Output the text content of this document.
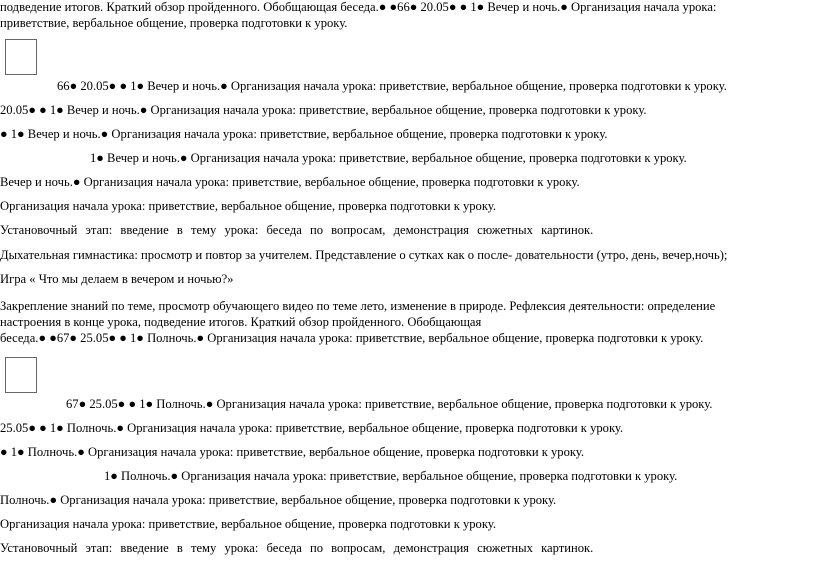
подведение итогов. Краткий обзор пройденного. Обобщающая беседа.● ●66● 20.05● ● 1● Вечер и ночь.● Организация начала урока:
приветствие, вербальное общение, проверка подготовки к уроку.
66● 20.05● ● 1● Вечер и ночь.● Организация начала урока: приветствие, вербальное общение, проверка подготовки к уроку.
20.05● ● 1● Вечер и ночь.● Организация начала урока: приветствие, вербальное общение, проверка подготовки к уроку.
● 1● Вечер и ночь.● Организация начала урока: приветствие, вербальное общение, проверка подготовки к уроку.
1● Вечер и ночь.● Организация начала урока: приветствие, вербальное общение, проверка подготовки к уроку.
Вечер и ночь.● Организация начала урока: приветствие, вербальное общение, проверка подготовки к уроку.
Организация начала урока: приветствие, вербальное общение, проверка подготовки к уроку.
Установочный этап: введение в тему урока: беседа по вопросам, демонстрация сюжетных картинок.
Дыхательная гимнастика: просмотр и повтор за учителем. Представление о сутках как о после- довательности (утро, день, вечер,ночь);
Игра « Что мы делаем в вечером и ночью?»
Закрепление знаний по теме, просмотр обучающего видео по теме лето, изменение в природе. Рефлексия деятельности: определение
настроения в конце урока, подведение итогов. Краткий обзор пройденного. Обобщающая
беседа.● ●67● 25.05● ● 1● Полночь.● Организация начала урока: приветствие, вербальное общение, проверка подготовки к уроку.
67● 25.05● ● 1● Полночь.● Организация начала урока: приветствие, вербальное общение, проверка подготовки к уроку.
25.05● ● 1● Полночь.● Организация начала урока: приветствие, вербальное общение, проверка подготовки к уроку.
● 1● Полночь.● Организация начала урока: приветствие, вербальное общение, проверка подготовки к уроку.
1● Полночь.● Организация начала урока: приветствие, вербальное общение, проверка подготовки к уроку.
Полночь.● Организация начала урока: приветствие, вербальное общение, проверка подготовки к уроку.
Организация начала урока: приветствие, вербальное общение, проверка подготовки к уроку.
Установочный этап: введение в тему урока: беседа по вопросам, демонстрация сюжетных картинок.
